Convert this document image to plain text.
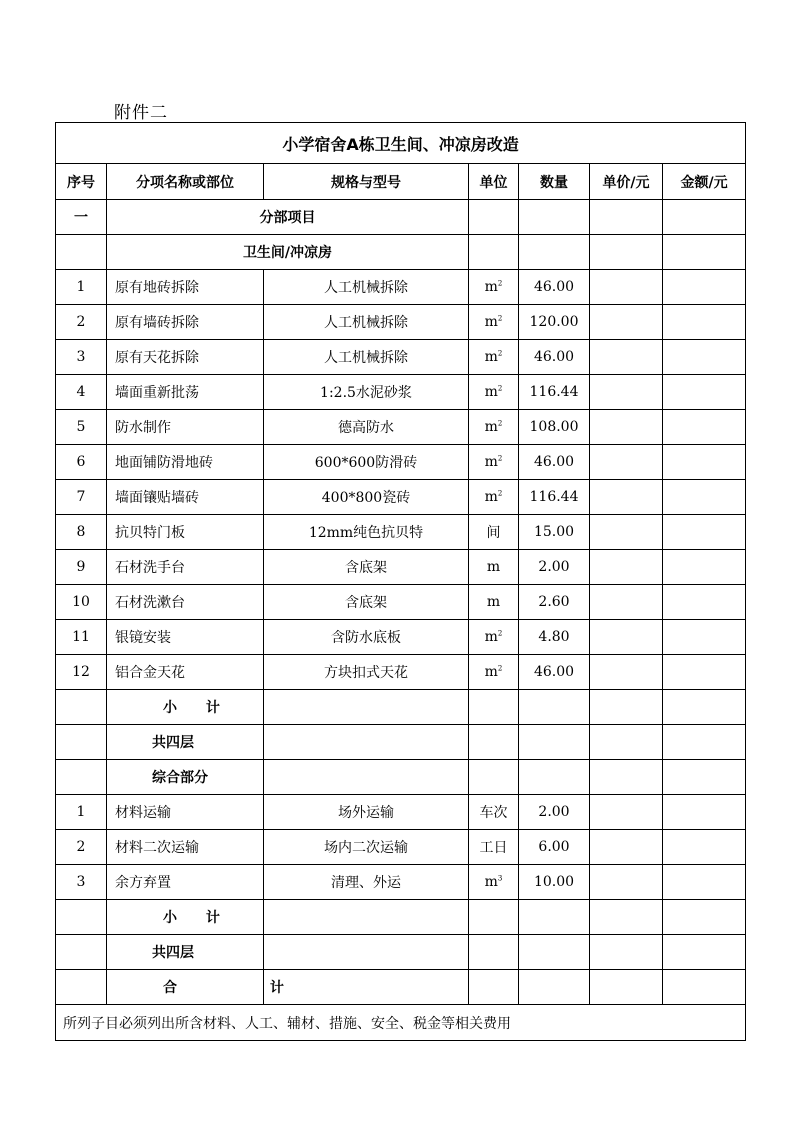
附件二
小学宿舍A栋卫生间、冲凉房改造						
序号	分项名称或部位	规格与型号	单位	数量	单价/元	金额/元
一	分部项目					
	卫生间/冲凉房					
1	原有地砖拆除	人工机械拆除	$m^2$	46.00		
2	原有墙砖拆除	人工机械拆除	$m^2$	120.00		
3	原有天花拆除	人工机械拆除	$m^2$	46.00		
4	墙面重新批荡	1:2.5水泥砂浆	$m^2$	116.44		
5	防水制作	德高防水	$m^2$	108.00		
6	地面铺防滑地砖	600*600防滑砖	$m^2$	46.00		
7	墙面镶贴墙砖	400*800瓷砖	$m^2$	116.44		
8	抗贝特门板	12mm纯色抗贝特	间	15.00		
9	石材洗手台	含底架	m	2.00		
10	石材洗漱台	含底架	m	2.60		
11	银镜安装	含防水底板	$m^2$	4.80		
12	铝合金天花	方块扣式天花	$m^2$	46.00		
	小 计					
	共四层					
	综合部分					
1	材料运输	场外运输	车次	2.00		
2	材料二次运输	场内二次运输	工日	6.00		
3	余方弃置	清理、外运	$m^3$	10.00		
	小 计					
	共四层					
	合 计					
所列子目必须列出所含材料、人工、辅材、措施、安全、税金等相关费用						
